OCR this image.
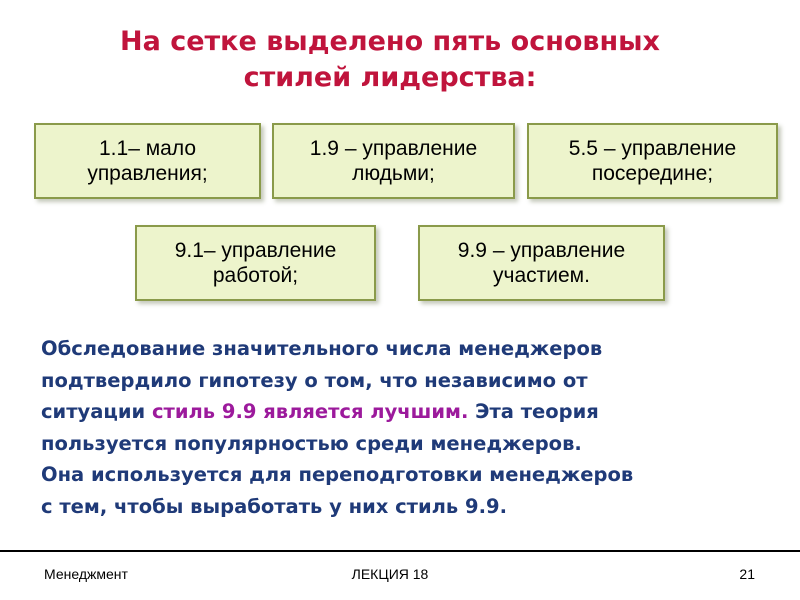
На сетке выделено пять основных
стилей лидерства:
1.1– мало
управления;
1.9 – управление
людьми;
5.5 – управление
посередине;
9.1– управление
работой;
9.9 – управление
участием.
Обследование значительного числа менеджеров
подтвердило гипотезу о том, что независимо от
ситуации стиль 9.9 является лучшим. Эта теория
пользуется популярностью среди менеджеров.
Она используется для переподготовки менеджеров
с тем, чтобы выработать у них стиль 9.9.
Менеджмент	ЛЕКЦИЯ 18	21
